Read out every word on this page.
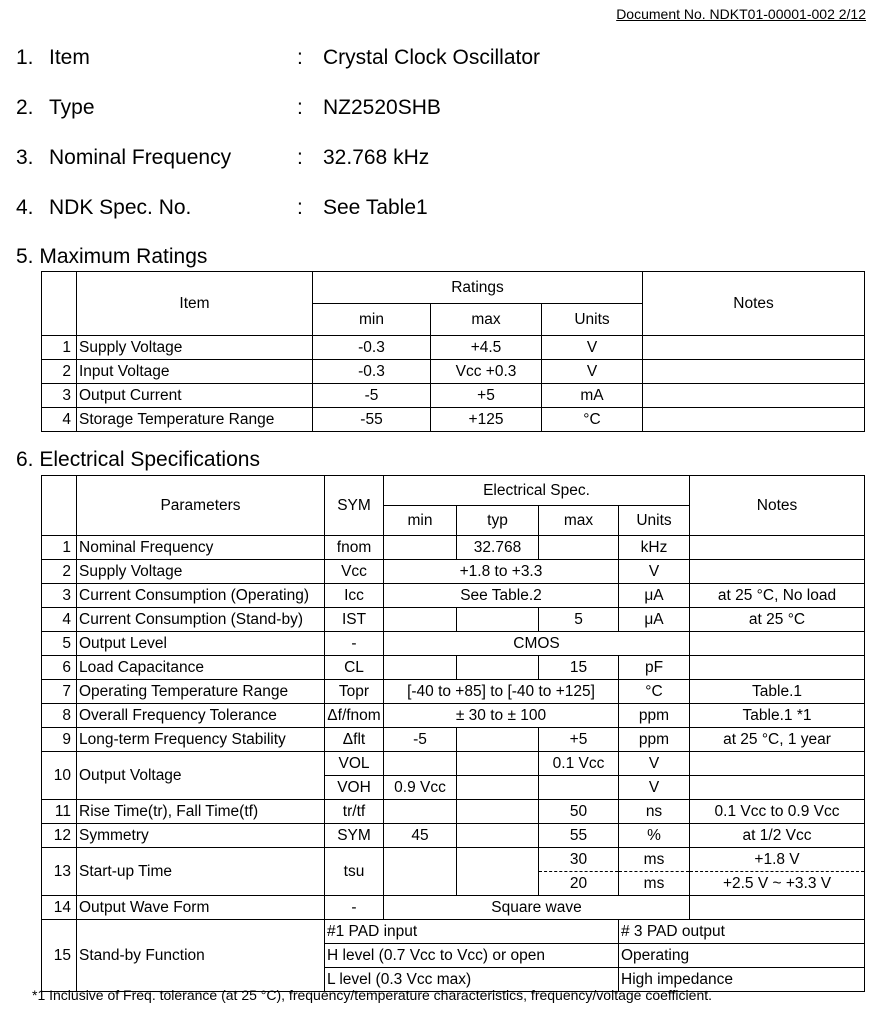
Document No. NDKT01-00001-002 2/12
1. Item	: Crystal Clock Oscillator
2. Type	: NZ2520SHB
3. Nominal Frequency	: 32.768 kHz
4. NDK Spec. No.	: See Table1
5. Maximum Ratings
	Item	Ratings			Notes
		min	max	Units	
1	Supply Voltage	-0.3	+4.5	V	
2	Input Voltage	-0.3	Vcc +0.3	V	
3	Output Current	-5	+5	mA	
4	Storage Temperature Range	-55	+125	°C	
6. Electrical Specifications
	Parameters	SYM	Electrical Spec.				Notes
			min	typ	max	Units	
1	Nominal Frequency	fnom		32.768		kHz	
2	Supply Voltage	Vcc	+1.8 to +3.3			V	
3	Current Consumption (Operating)	Icc	See Table.2			μA	at 25 °C, No load
4	Current Consumption (Stand-by)	IST			5	μA	at 25 °C
5	Output Level	-	CMOS				
6	Load Capacitance	CL			15	pF	
7	Operating Temperature Range	Topr	[-40 to +85] to [-40 to +125]			°C	Table.1
8	Overall Frequency Tolerance	Δf/fnom	± 30 to ± 100			ppm	Table.1 *1
9	Long-term Frequency Stability	Δflt	-5		+5	ppm	at 25 °C, 1 year
10	Output Voltage	VOL			0.1 Vcc	V	
		VOH	0.9 Vcc			V	
11	Rise Time(tr), Fall Time(tf)	tr/tf			50	ns	0.1 Vcc to 0.9 Vcc
12	Symmetry	SYM	45		55	%	at 1/2 Vcc
13	Start-up Time	tsu			30	ms	+1.8 V
					20	ms	+2.5 V ~ +3.3 V
14	Output Wave Form	-	Square wave				
15	Stand-by Function	#1 PAD input				# 3 PAD output	
		H level (0.7 Vcc to Vcc) or open				Operating	
		L level (0.3 Vcc max)				High impedance	
*1 Inclusive of Freq. tolerance (at 25 °C), frequency/temperature characteristics, frequency/voltage coefficient.
